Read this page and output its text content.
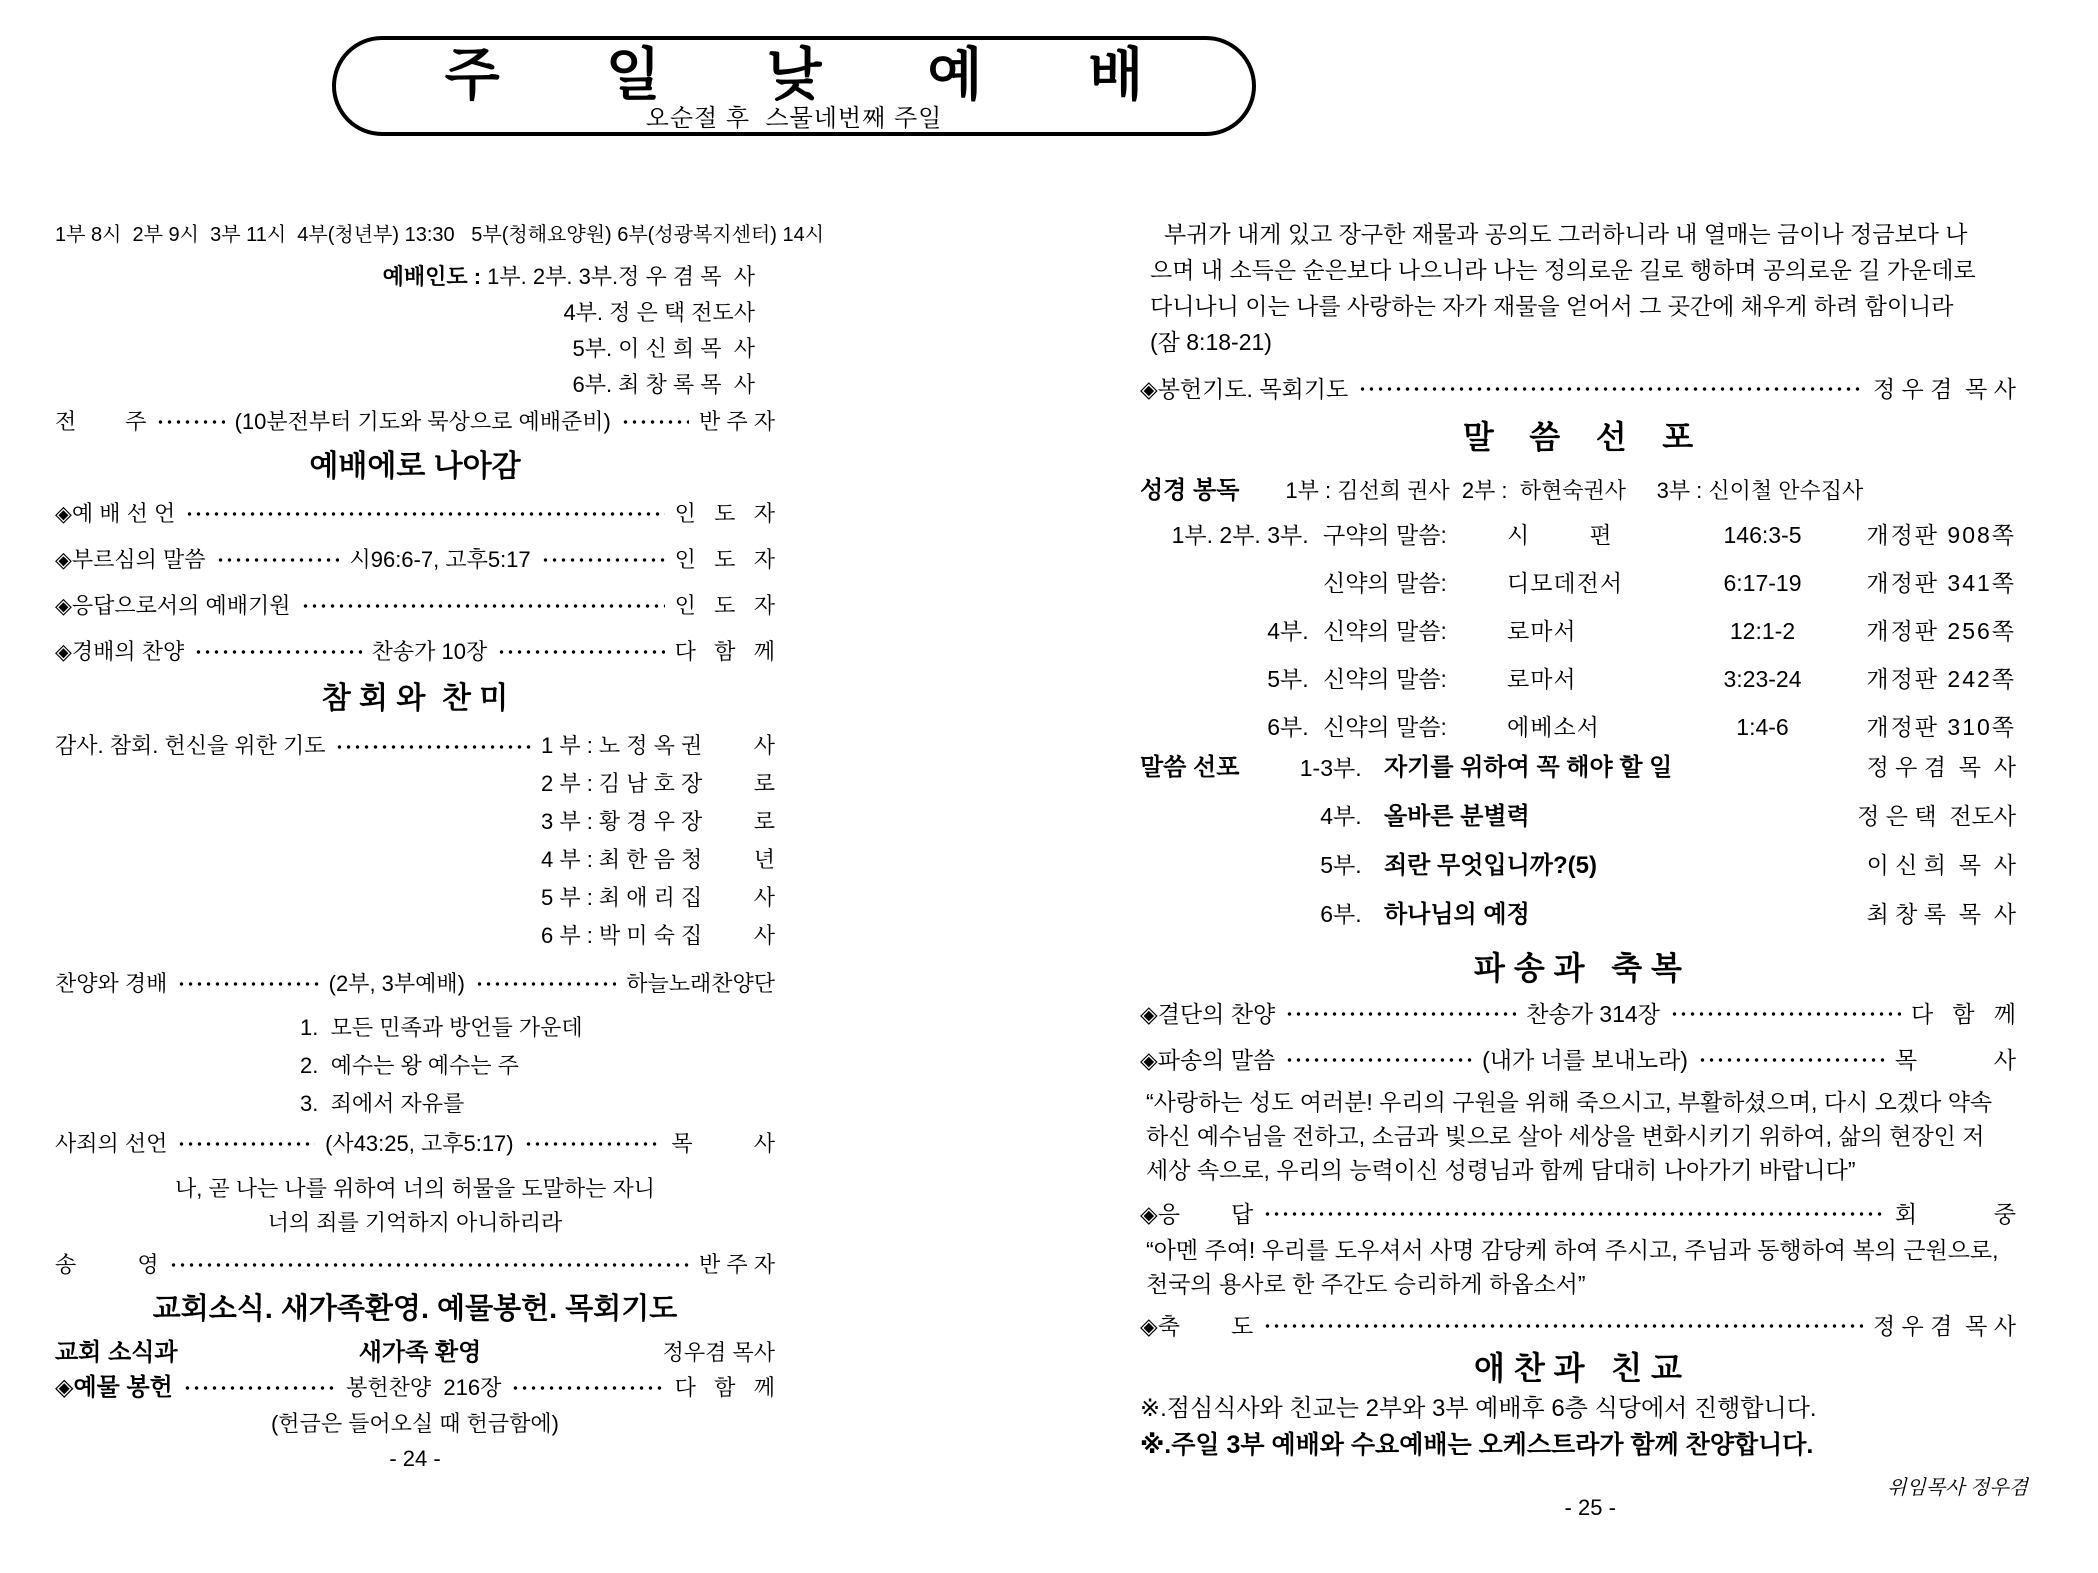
주 일 낮 예 배
오순절 후  스물네번째 주일
1부 8시  2부 9시  3부 11시  4부(청년부) 13:30   5부(청해요양원) 6부(성광복지센터) 14시
예배인도 : 1부. 2부. 3부.정 우 겸 목  사
4부. 정 은 택 전도사
5부. 이 신 희 목  사
6부. 최 창 록 목  사
전        주	(10분전부터 기도와 묵상으로 예배준비)	반 주 자
예배에로 나아감
◈예 배 선 언	인   도   자
◈부르심의 말씀	시96:6-7, 고후5:17	인   도   자
◈응답으로서의 예배기원	인   도   자
◈경배의 찬양	찬송가 10장	다   함   께
참 회 와  찬 미
감사. 참회. 헌신을 위한 기도	1 부 : 노 정 옥 권 사
2 부 : 김 남 호 장 로
3 부 : 황 경 우 장 로
4 부 : 최 한 음 청 년
5 부 : 최 애 리 집 사
6 부 : 박 미 숙 집 사
찬양와 경배	(2부, 3부예배)	하늘노래찬양단
1.  모든 민족과 방언들 가운데
2.  예수는 왕 예수는 주
3.  죄에서 자유를
사죄의 선언	(사43:25, 고후5:17)	목          사
나, 곧 나는 나를 위하여 너의 허물을 도말하는 자니
너의 죄를 기억하지 아니하리라
송          영	반 주 자
교회소식. 새가족환영. 예물봉헌. 목회기도
교회 소식과	새가족 환영	정우겸 목사
◈예물 봉헌	봉헌찬양  216장	다   함   께
(헌금은 들어오실 때 헌금함에)
- 24 -

부귀가 내게 있고 장구한 재물과 공의도 그러하니라 내 열매는 금이나 정금보다 나으며 내 소득은 순은보다 나으니라 나는 정의로운 길로 행하며 공의로운 길 가운데로 다니나니 이는 나를 사랑하는 자가 재물을 얻어서 그 곳간에 채우게 하려 함이니라 (잠 8:18-21)

◈봉헌기도. 목회기도	정 우 겸  목 사
말    씀    선    포
성경 봉독 1부 : 김선희 권사  2부 :  하현숙권사     3부 : 신이철 안수집사
1부. 2부. 3부. 구약의 말씀:	시        편	146:3-5	개정판 908쪽
신약의 말씀:	디모데전서	6:17-19	개정판 341쪽
4부. 신약의 말씀:	로마서	12:1-2	개정판 256쪽
5부. 신약의 말씀:	로마서	3:23-24	개정판 242쪽
6부. 신약의 말씀:	에베소서	1:4-6	개정판 310쪽
말씀 선포	1-3부. 자기를 위하여 꼭 해야 할 일	정 우 겸  목  사
4부. 올바른 분별력	정 은 택  전도사
5부. 죄란 무엇입니까?(5)	이 신 희  목  사
6부. 하나님의 예정	최 창 록  목  사
파 송 과   축 복
◈결단의 찬양	찬송가 314장	다   함   께
◈파송의 말씀	(내가 너를 보내노라)	목            사
“사랑하는 성도 여러분! 우리의 구원을 위해 죽으시고, 부활하셨으며, 다시 오겠다 약속하신 예수님을 전하고, 소금과 빛으로 살아 세상을 변화시키기 위하여, 삶의 현장인 저 세상 속으로, 우리의 능력이신 성령님과 함께 담대히 나아가기 바랍니다”
◈응        답	회            중
“아멘 주여! 우리를 도우셔서 사명 감당케 하여 주시고, 주님과 동행하여 복의 근원으로, 천국의 용사로 한 주간도 승리하게 하옵소서”
◈축        도	정 우 겸  목 사
애 찬 과   친 교
※.점심식사와 친교는 2부와 3부 예배후 6층 식당에서 진행합니다.
※.주일 3부 예배와 수요예배는 오케스트라가 함께 찬양합니다.

- 25 -

위임목사 정우겸
